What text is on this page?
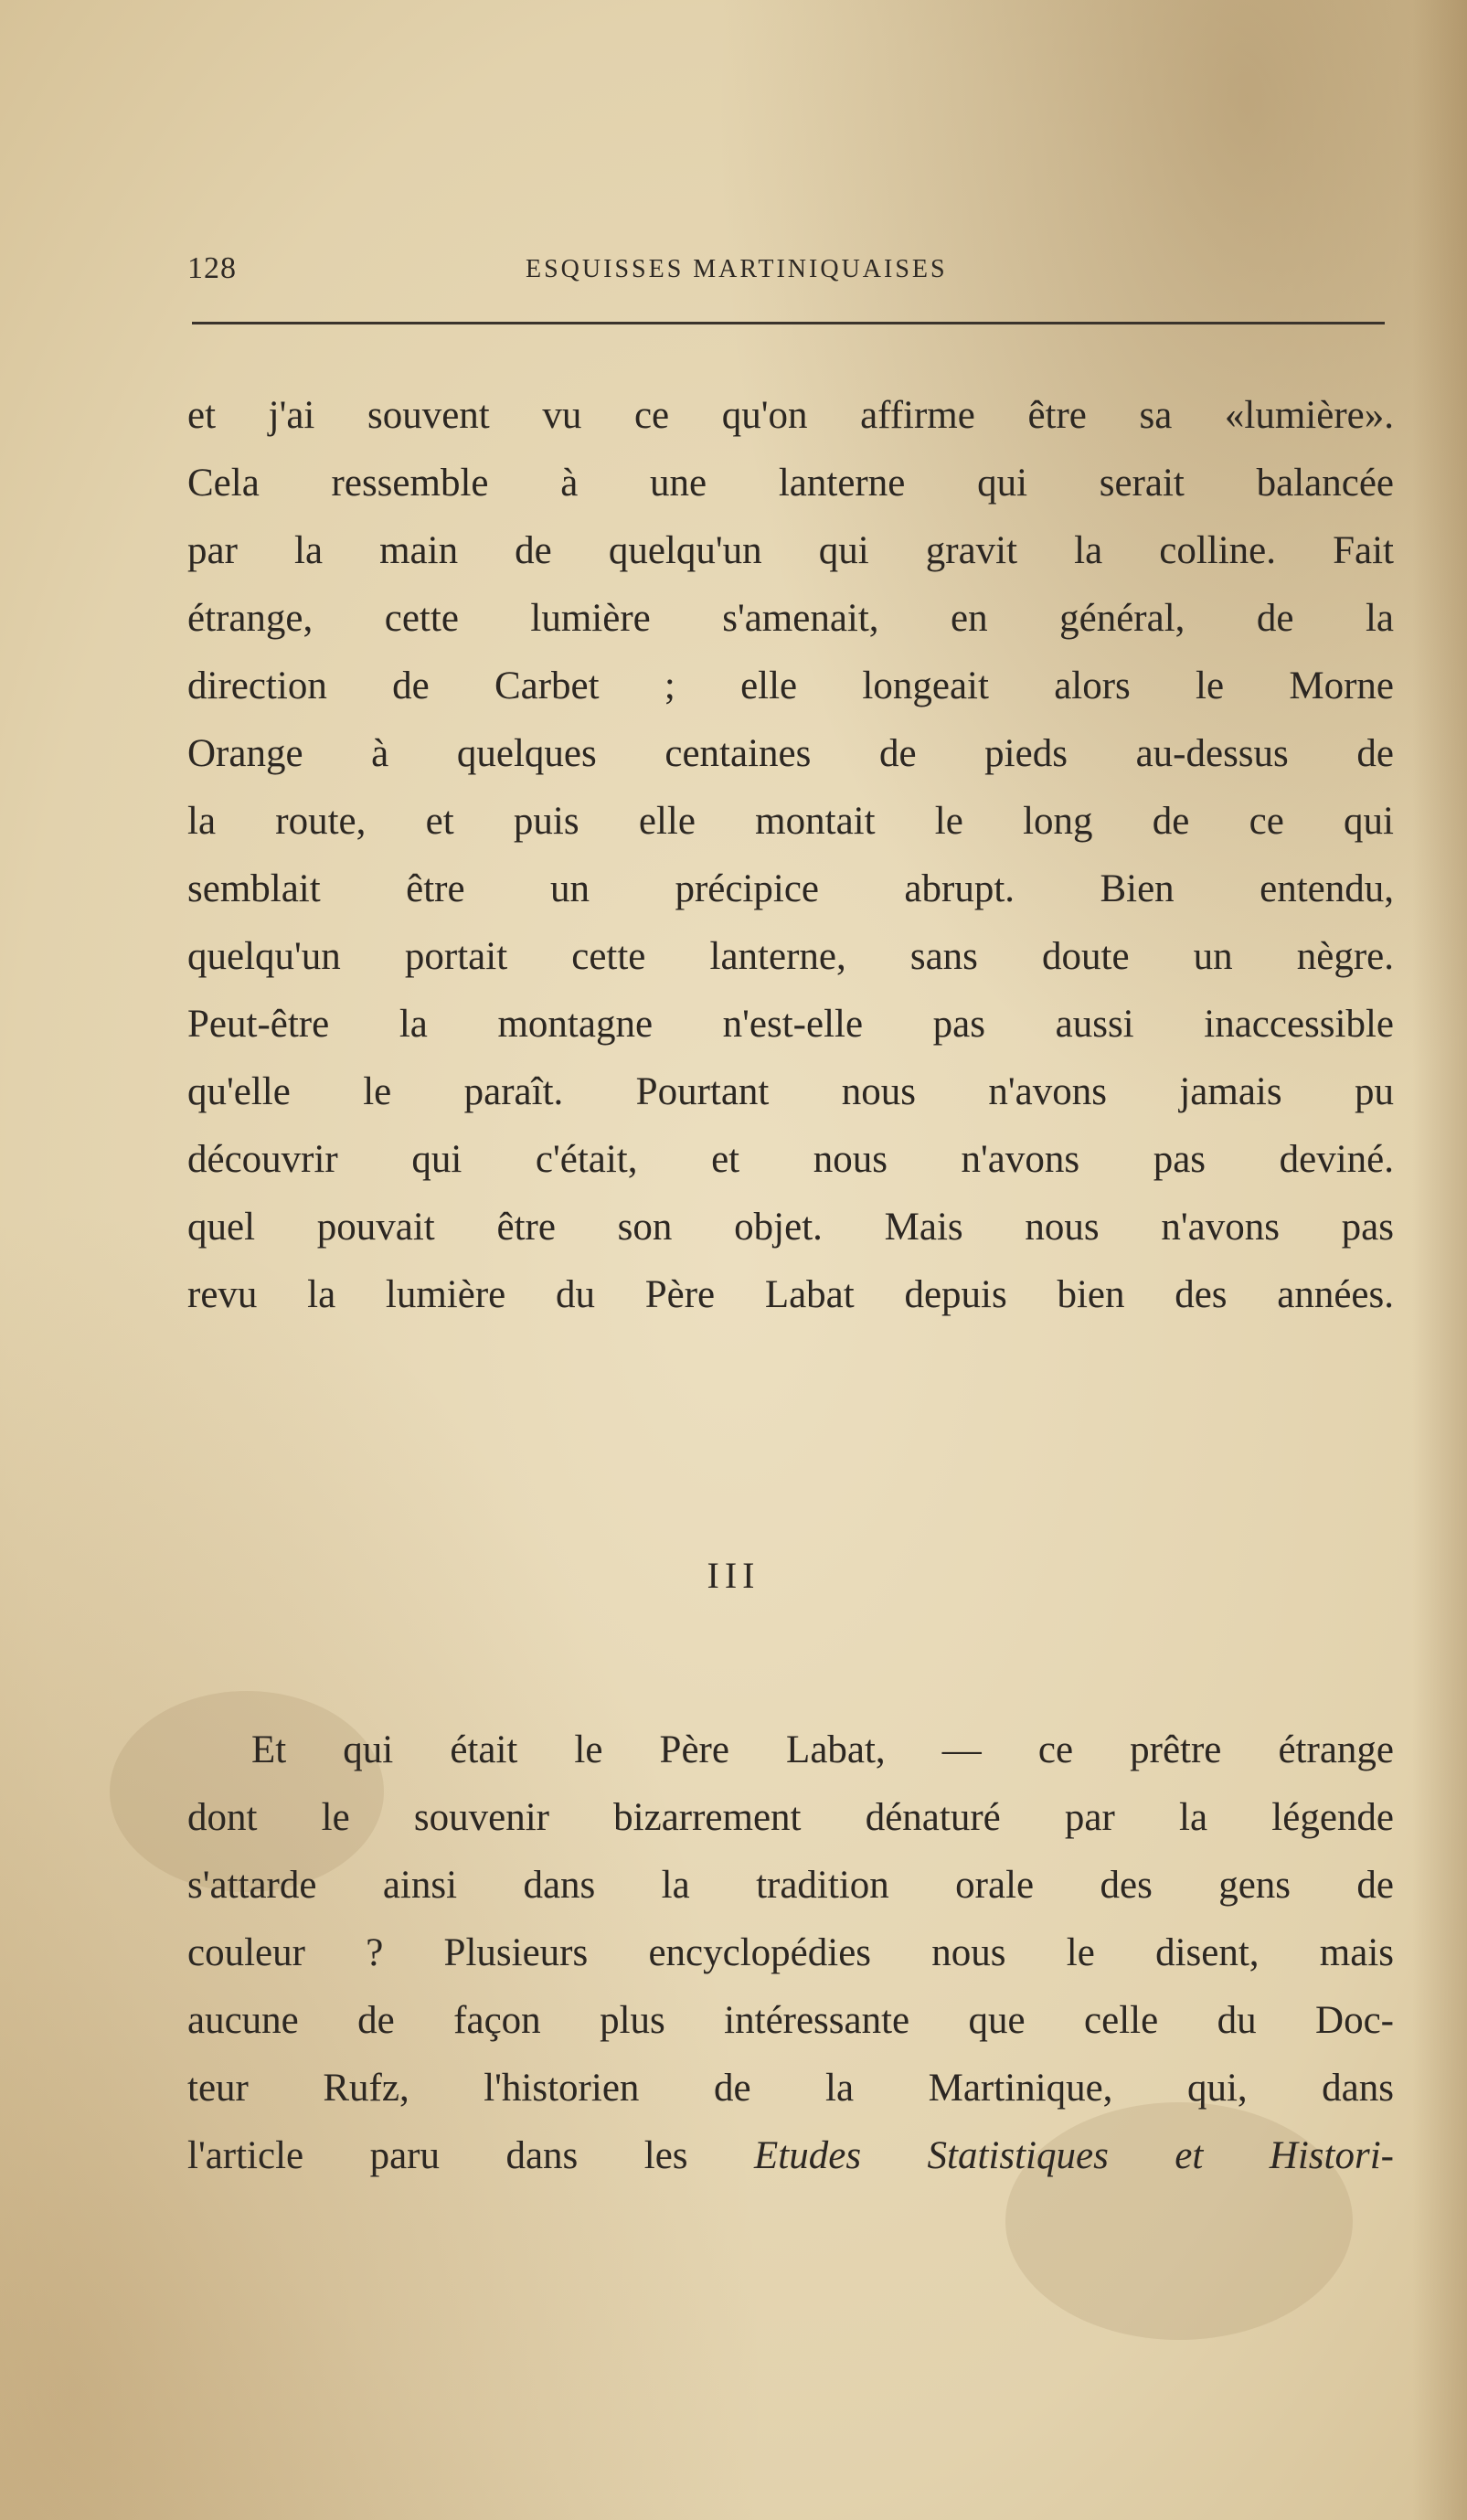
128	ESQUISSES MARTINIQUAISES
et j'ai souvent vu ce qu'on affirme être sa «lumière».
Cela ressemble à une lanterne qui serait balancée
par la main de quelqu'un qui gravit la colline. Fait
étrange, cette lumière s'amenait, en général, de la
direction de Carbet ; elle longeait alors le Morne
Orange à quelques centaines de pieds au-dessus de
la route, et puis elle montait le long de ce qui
semblait être un précipice abrupt. Bien entendu,
quelqu'un portait cette lanterne, sans doute un nègre.
Peut-être la montagne n'est-elle pas aussi inaccessible
qu'elle le paraît. Pourtant nous n'avons jamais pu
découvrir qui c'était, et nous n'avons pas deviné.
quel pouvait être son objet. Mais nous n'avons pas
revu la lumière du Père Labat depuis bien des années.
III
Et qui était le Père Labat, — ce prêtre étrange
dont le souvenir bizarrement dénaturé par la légende
s'attarde ainsi dans la tradition orale des gens de
couleur ? Plusieurs encyclopédies nous le disent, mais
aucune de façon plus intéressante que celle du Doc-
teur Rufz, l'historien de la Martinique, qui, dans
l'article paru dans les Etudes Statistiques et Histori-
